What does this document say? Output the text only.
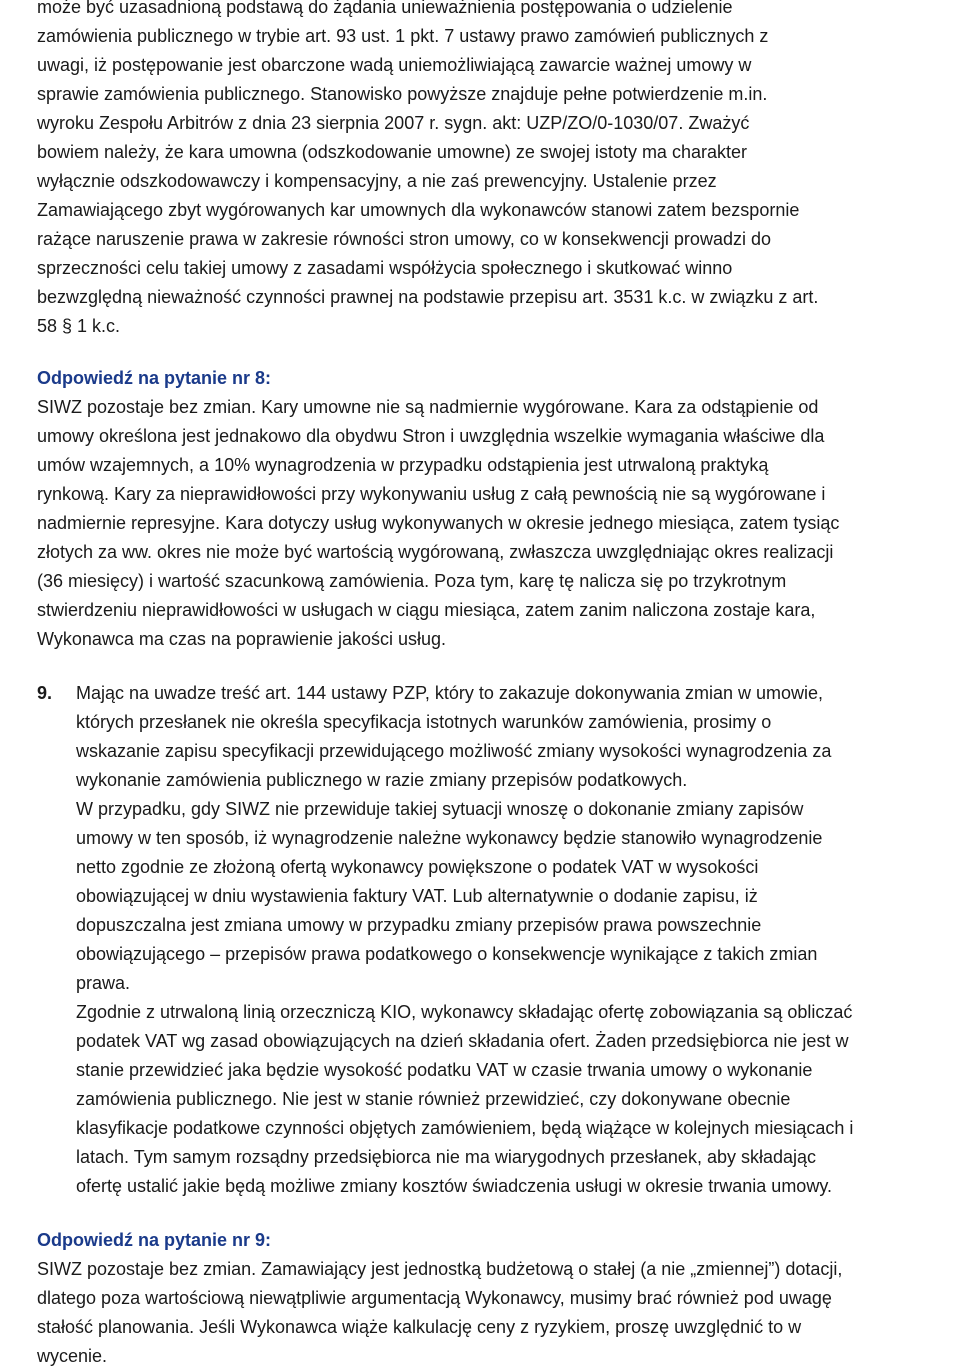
może być uzasadnioną podstawą do żądania unieważnienia postępowania o udzielenie
zamówienia publicznego w trybie art. 93 ust. 1 pkt. 7 ustawy prawo zamówień publicznych z
uwagi, iż postępowanie jest obarczone wadą uniemożliwiającą zawarcie ważnej umowy w
sprawie zamówienia publicznego. Stanowisko powyższe znajduje pełne potwierdzenie m.in.
wyroku Zespołu Arbitrów z dnia 23 sierpnia 2007 r. sygn. akt: UZP/ZO/0-1030/07. Zważyć
bowiem należy, że kara umowna (odszkodowanie umowne) ze swojej istoty ma charakter
wyłącznie odszkodowawczy i kompensacyjny, a nie zaś prewencyjny. Ustalenie przez
Zamawiającego zbyt wygórowanych kar umownych dla wykonawców stanowi zatem bezspornie
rażące naruszenie prawa w zakresie równości stron umowy, co w konsekwencji prowadzi do
sprzeczności celu takiej umowy z zasadami współżycia społecznego i skutkować winno
bezwzględną nieważność czynności prawnej na podstawie przepisu art. 3531 k.c. w związku z art.
58 § 1 k.c.

Odpowiedź na pytanie nr 8:

SIWZ pozostaje bez zmian. Kary umowne nie są nadmiernie wygórowane. Kara za odstąpienie od
umowy określona jest jednakowo dla obydwu Stron i uwzględnia wszelkie wymagania właściwe dla
umów wzajemnych, a 10% wynagrodzenia w przypadku odstąpienia jest utrwaloną praktyką
rynkową. Kary za nieprawidłowości przy wykonywaniu usług z całą pewnością nie są wygórowane i
nadmiernie represyjne. Kara dotyczy usług wykonywanych w okresie jednego miesiąca, zatem tysiąc
złotych za ww. okres nie może być wartością wygórowaną, zwłaszcza uwzględniając okres realizacji
(36 miesięcy) i wartość szacunkową zamówienia. Poza tym, karę tę nalicza się po trzykrotnym
stwierdzeniu nieprawidłowości w usługach w ciągu miesiąca, zatem zanim naliczona zostaje kara,
Wykonawca ma czas na poprawienie jakości usług.

9.	Mając na uwadze treść art. 144 ustawy PZP, który to zakazuje dokonywania zmian w umowie,
których przesłanek nie określa specyfikacja istotnych warunków zamówienia, prosimy o
wskazanie zapisu specyfikacji przewidującego możliwość zmiany wysokości wynagrodzenia za
wykonanie zamówienia publicznego w razie zmiany przepisów podatkowych.

W przypadku, gdy SIWZ nie przewiduje takiej sytuacji wnoszę o dokonanie zmiany zapisów
umowy w ten sposób, iż wynagrodzenie należne wykonawcy będzie stanowiło wynagrodzenie
netto zgodnie ze złożoną ofertą wykonawcy powiększone o podatek VAT w wysokości
obowiązującej w dniu wystawienia faktury VAT. Lub alternatywnie o dodanie zapisu, iż
dopuszczalna jest zmiana umowy w przypadku zmiany przepisów prawa powszechnie
obowiązującego – przepisów prawa podatkowego o konsekwencje wynikające z takich zmian
prawa.

Zgodnie z utrwaloną linią orzeczniczą KIO, wykonawcy składając ofertę zobowiązania są obliczać
podatek VAT wg zasad obowiązujących na dzień składania ofert. Żaden przedsiębiorca nie jest w
stanie przewidzieć jaka będzie wysokość podatku VAT w czasie trwania umowy o wykonanie
zamówienia publicznego. Nie jest w stanie również przewidzieć, czy dokonywane obecnie
klasyfikacje podatkowe czynności objętych zamówieniem, będą wiążące w kolejnych miesiącach i
latach. Tym samym rozsądny przedsiębiorca nie ma wiarygodnych przesłanek, aby składając
ofertę ustalić jakie będą możliwe zmiany kosztów świadczenia usługi w okresie trwania umowy.

Odpowiedź na pytanie nr 9:

SIWZ pozostaje bez zmian. Zamawiający jest jednostką budżetową o stałej (a nie „zmiennej”) dotacji,
dlatego poza wartościową niewątpliwie argumentacją Wykonawcy, musimy brać również pod uwagę
stałość planowania. Jeśli Wykonawca wiąże kalkulację ceny z ryzykiem, proszę uwzględnić to w
wycenie.
